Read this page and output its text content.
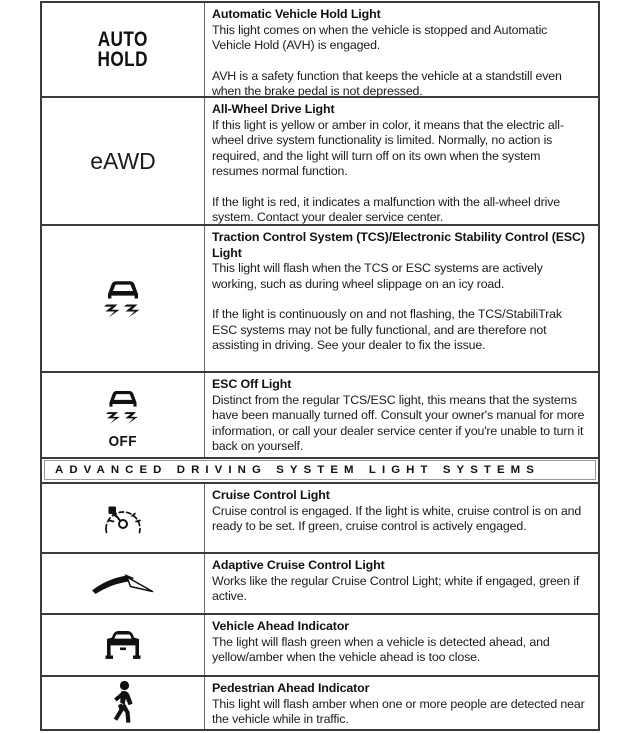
AUTO
HOLD
Automatic Vehicle Hold Light
This light comes on when the vehicle is stopped and Automatic Vehicle Hold (AVH) is engaged.
AVH is a safety function that keeps the vehicle at a standstill even when the brake pedal is not depressed.
eAWD
All-Wheel Drive Light
If this light is yellow or amber in color, it means that the electric all-wheel drive system functionality is limited. Normally, no action is required, and the light will turn off on its own when the system resumes normal function.
If the light is red, it indicates a malfunction with the all-wheel drive system. Contact your dealer service center.
Traction Control System (TCS)/Electronic Stability Control (ESC) Light
This light will flash when the TCS or ESC systems are actively working, such as during wheel slippage on an icy road.
If the light is continuously on and not flashing, the TCS/StabiliTrak ESC systems may not be fully functional, and are therefore not assisting in driving. See your dealer to fix the issue.
OFF
ESC Off Light
Distinct from the regular TCS/ESC light, this means that the systems have been manually turned off. Consult your owner's manual for more information, or call your dealer service center if you're unable to turn it back on yourself.
ADVANCED DRIVING SYSTEM LIGHT SYSTEMS
Cruise Control Light
Cruise control is engaged. If the light is white, cruise control is on and ready to be set. If green, cruise control is actively engaged.
Adaptive Cruise Control Light
Works like the regular Cruise Control Light; white if engaged, green if active.
Vehicle Ahead Indicator
The light will flash green when a vehicle is detected ahead, and yellow/amber when the vehicle ahead is too close.
Pedestrian Ahead Indicator
This light will flash amber when one or more people are detected near the vehicle while in traffic.
